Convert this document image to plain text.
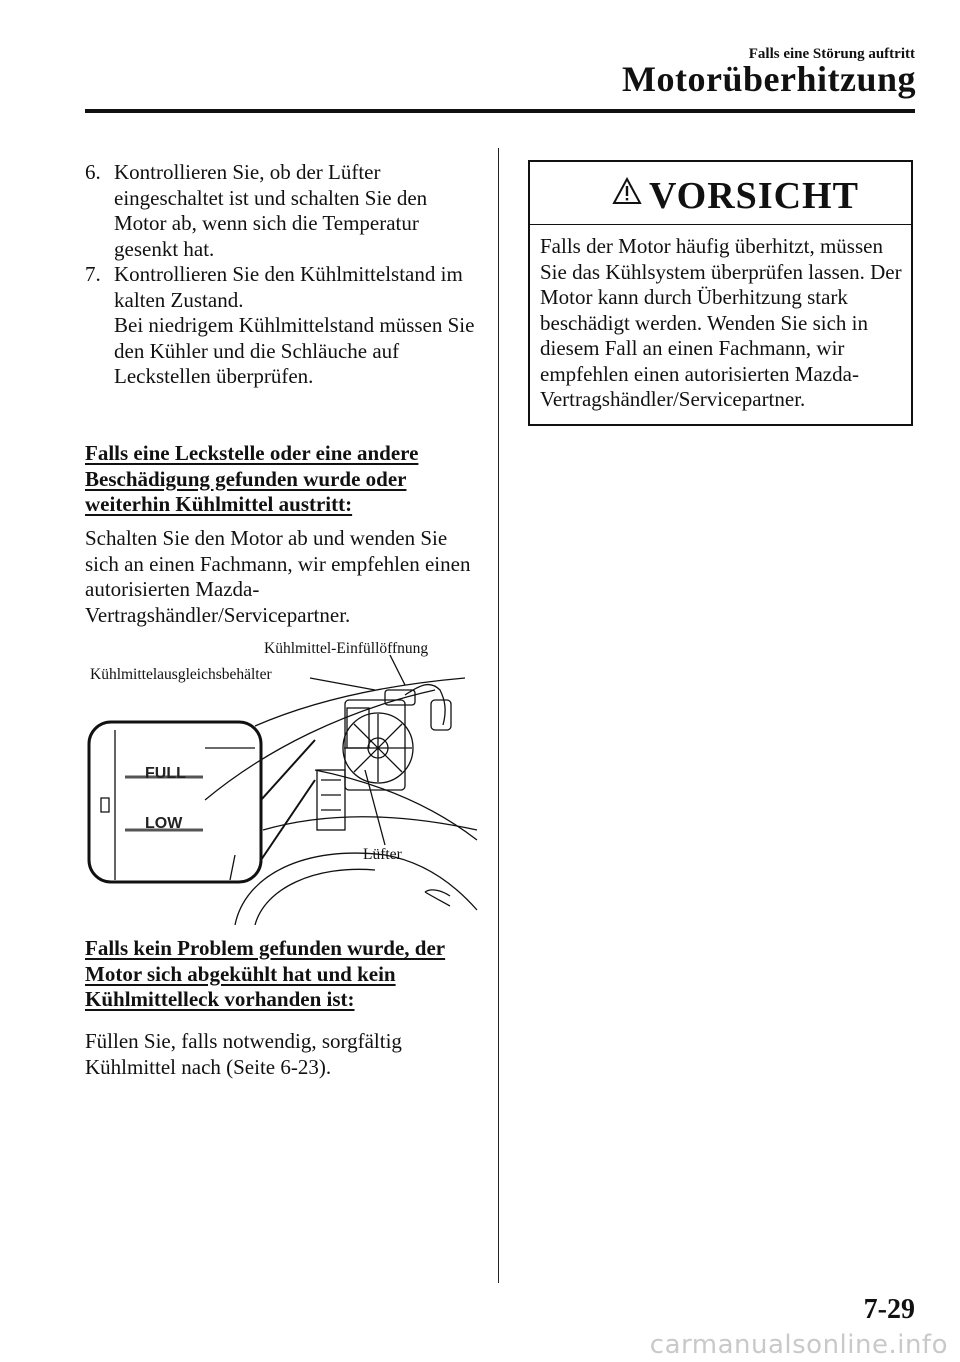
Falls eine Störung auftritt
Motorüberhitzung
6. Kontrollieren Sie, ob der Lüfter eingeschaltet ist und schalten Sie den Motor ab, wenn sich die Temperatur gesenkt hat.
7. Kontrollieren Sie den Kühlmittelstand im kalten Zustand.
Bei niedrigem Kühlmittelstand müssen Sie den Kühler und die Schläuche auf Leckstellen überprüfen.
Falls eine Leckstelle oder eine andere Beschädigung gefunden wurde oder weiterhin Kühlmittel austritt:
Schalten Sie den Motor ab und wenden Sie sich an einen Fachmann, wir empfehlen einen autorisierten Mazda-Vertragshändler/Servicepartner.
FULL
LOW
Kühlmittel-Einfüllöffnung
Kühlmittelausgleichsbehälter
Lüfter
Falls kein Problem gefunden wurde, der Motor sich abgekühlt hat und kein Kühlmittelleck vorhanden ist:
Füllen Sie, falls notwendig, sorgfältig Kühlmittel nach (Seite 6-23).
VORSICHT
Falls der Motor häufig überhitzt, müssen Sie das Kühlsystem überprüfen lassen. Der Motor kann durch Überhitzung stark beschädigt werden. Wenden Sie sich in diesem Fall an einen Fachmann, wir empfehlen einen autorisierten Mazda-Vertragshändler/Servicepartner.
7-29
carmanualsonline.info
